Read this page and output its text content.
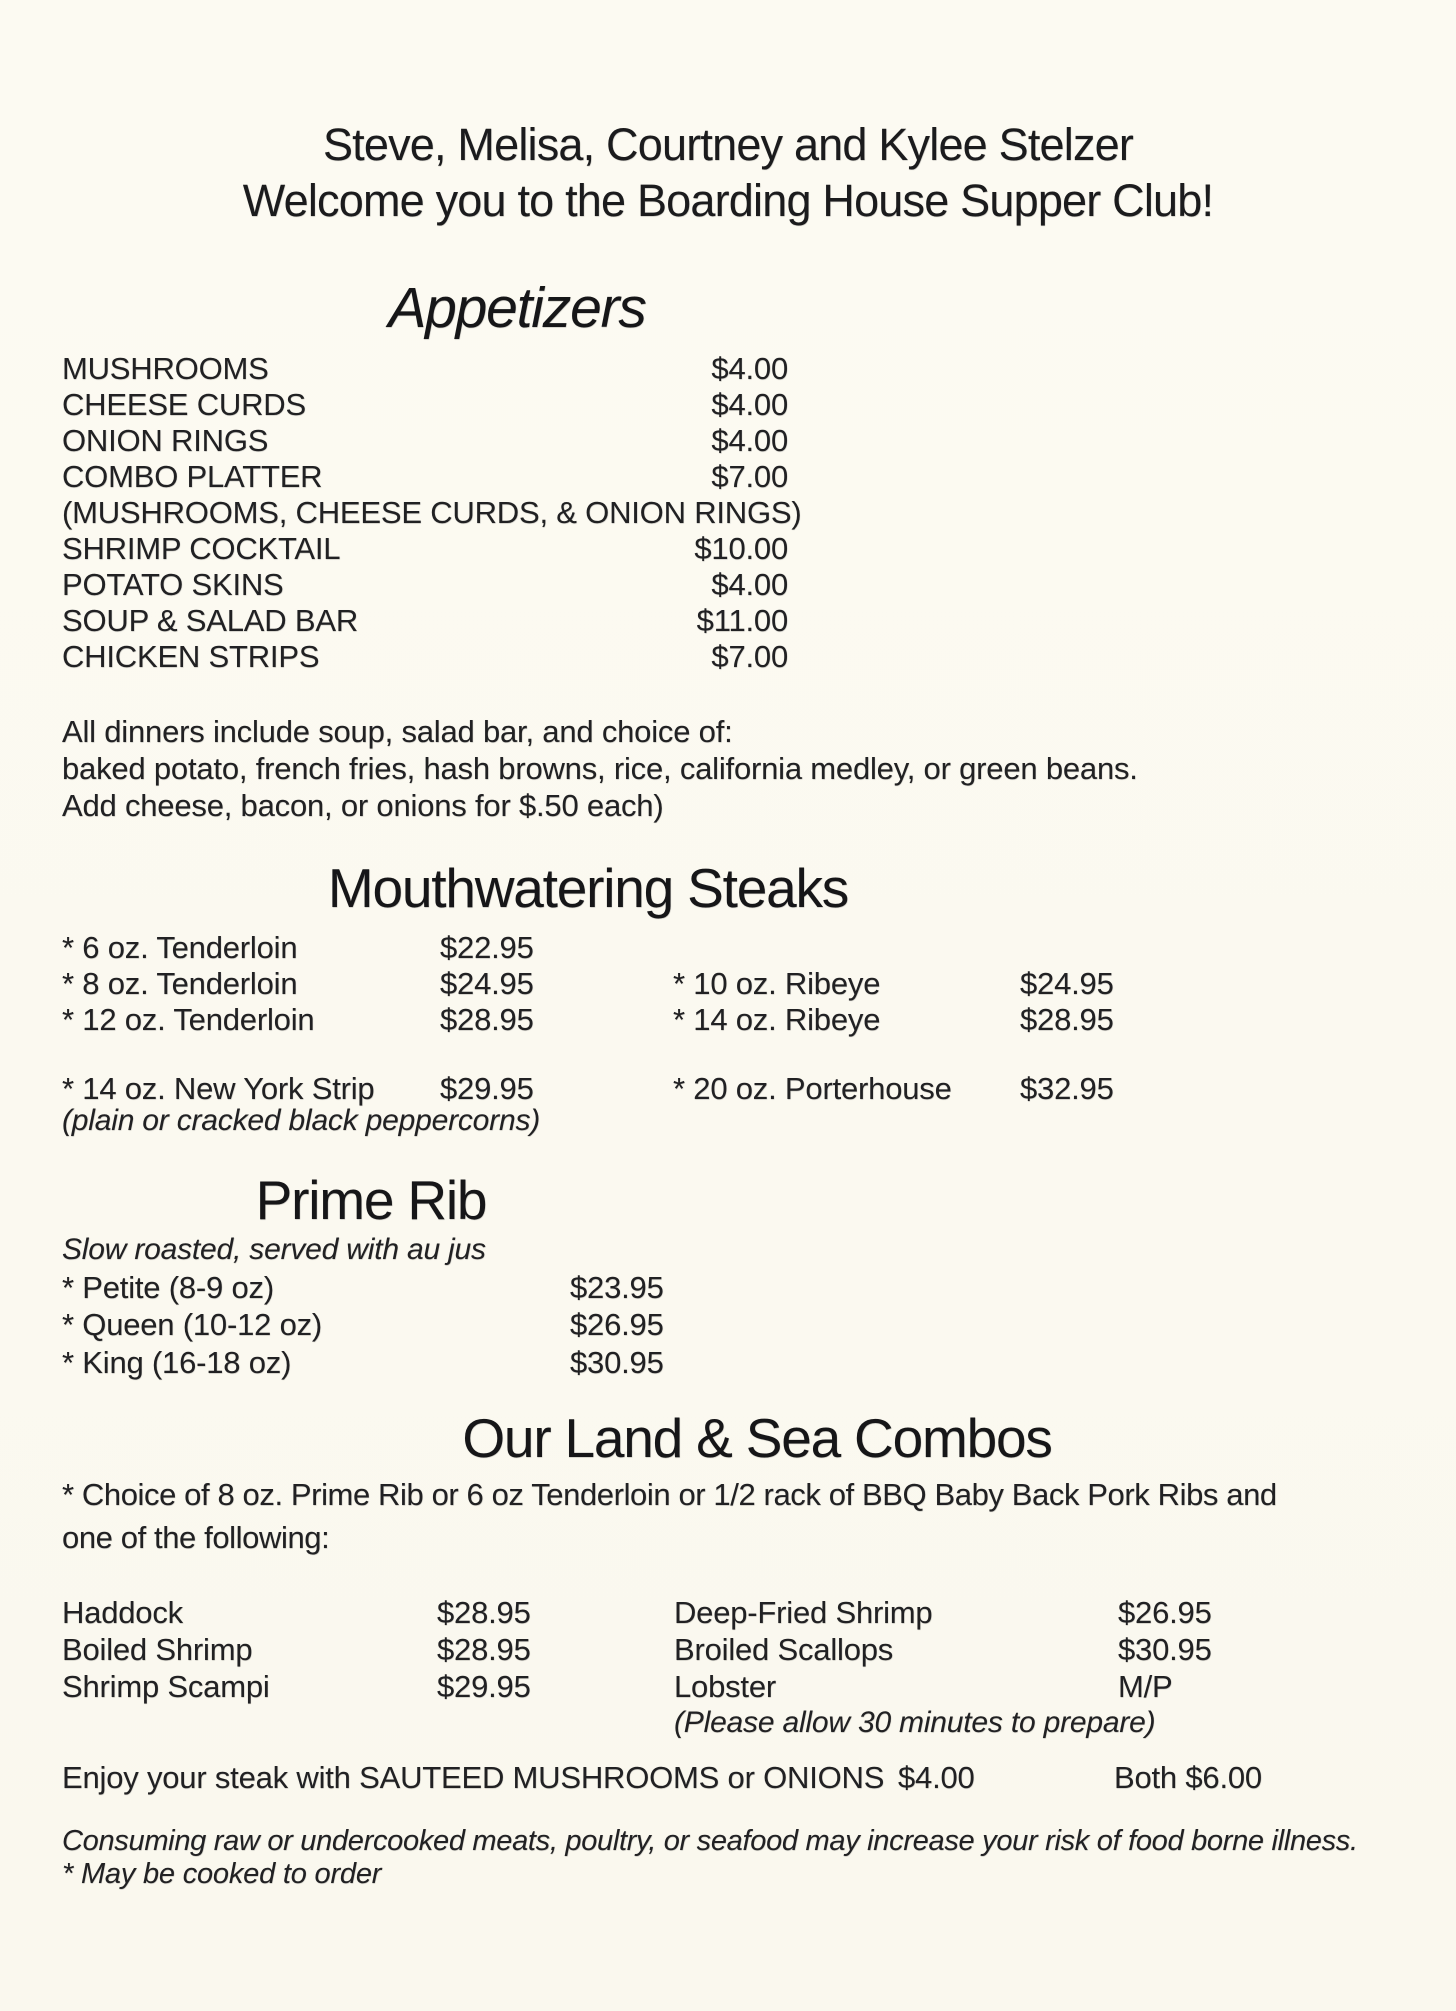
Steve, Melisa, Courtney and Kylee Stelzer
Welcome you to the Boarding House Supper Club!
Appetizers
MUSHROOMS	$4.00
CHEESE CURDS	$4.00
ONION RINGS	$4.00
COMBO PLATTER	$7.00
(MUSHROOMS, CHEESE CURDS, & ONION RINGS)
SHRIMP COCKTAIL	$10.00
POTATO SKINS	$4.00
SOUP & SALAD BAR	$11.00
CHICKEN STRIPS	$7.00
All dinners include soup, salad bar, and choice of:
baked potato, french fries, hash browns, rice, california medley, or green beans.
Add cheese, bacon, or onions for $.50 each)
Mouthwatering Steaks
* 6 oz. Tenderloin	$22.95
* 8 oz. Tenderloin	$24.95	* 10 oz. Ribeye	$24.95
* 12 oz. Tenderloin	$28.95	* 14 oz. Ribeye	$28.95
* 14 oz. New York Strip $29.95	* 20 oz. Porterhouse $32.95
(plain or cracked black peppercorns)
Prime Rib
Slow roasted, served with au jus
* Petite (8-9 oz)	$23.95
* Queen (10-12 oz)	$26.95
* King (16-18 oz)	$30.95
Our Land & Sea Combos
* Choice of 8 oz. Prime Rib or 6 oz Tenderloin or 1/2 rack of BBQ Baby Back Pork Ribs and
one of the following:
Haddock	$28.95	Deep-Fried Shrimp	$26.95
Boiled Shrimp	$28.95	Broiled Scallops	$30.95
Shrimp Scampi	$29.95	Lobster	M/P
(Please allow 30 minutes to prepare)
Enjoy your steak with SAUTEED MUSHROOMS or ONIONS $4.00	Both $6.00
Consuming raw or undercooked meats, poultry, or seafood may increase your risk of food borne illness.
* May be cooked to order
